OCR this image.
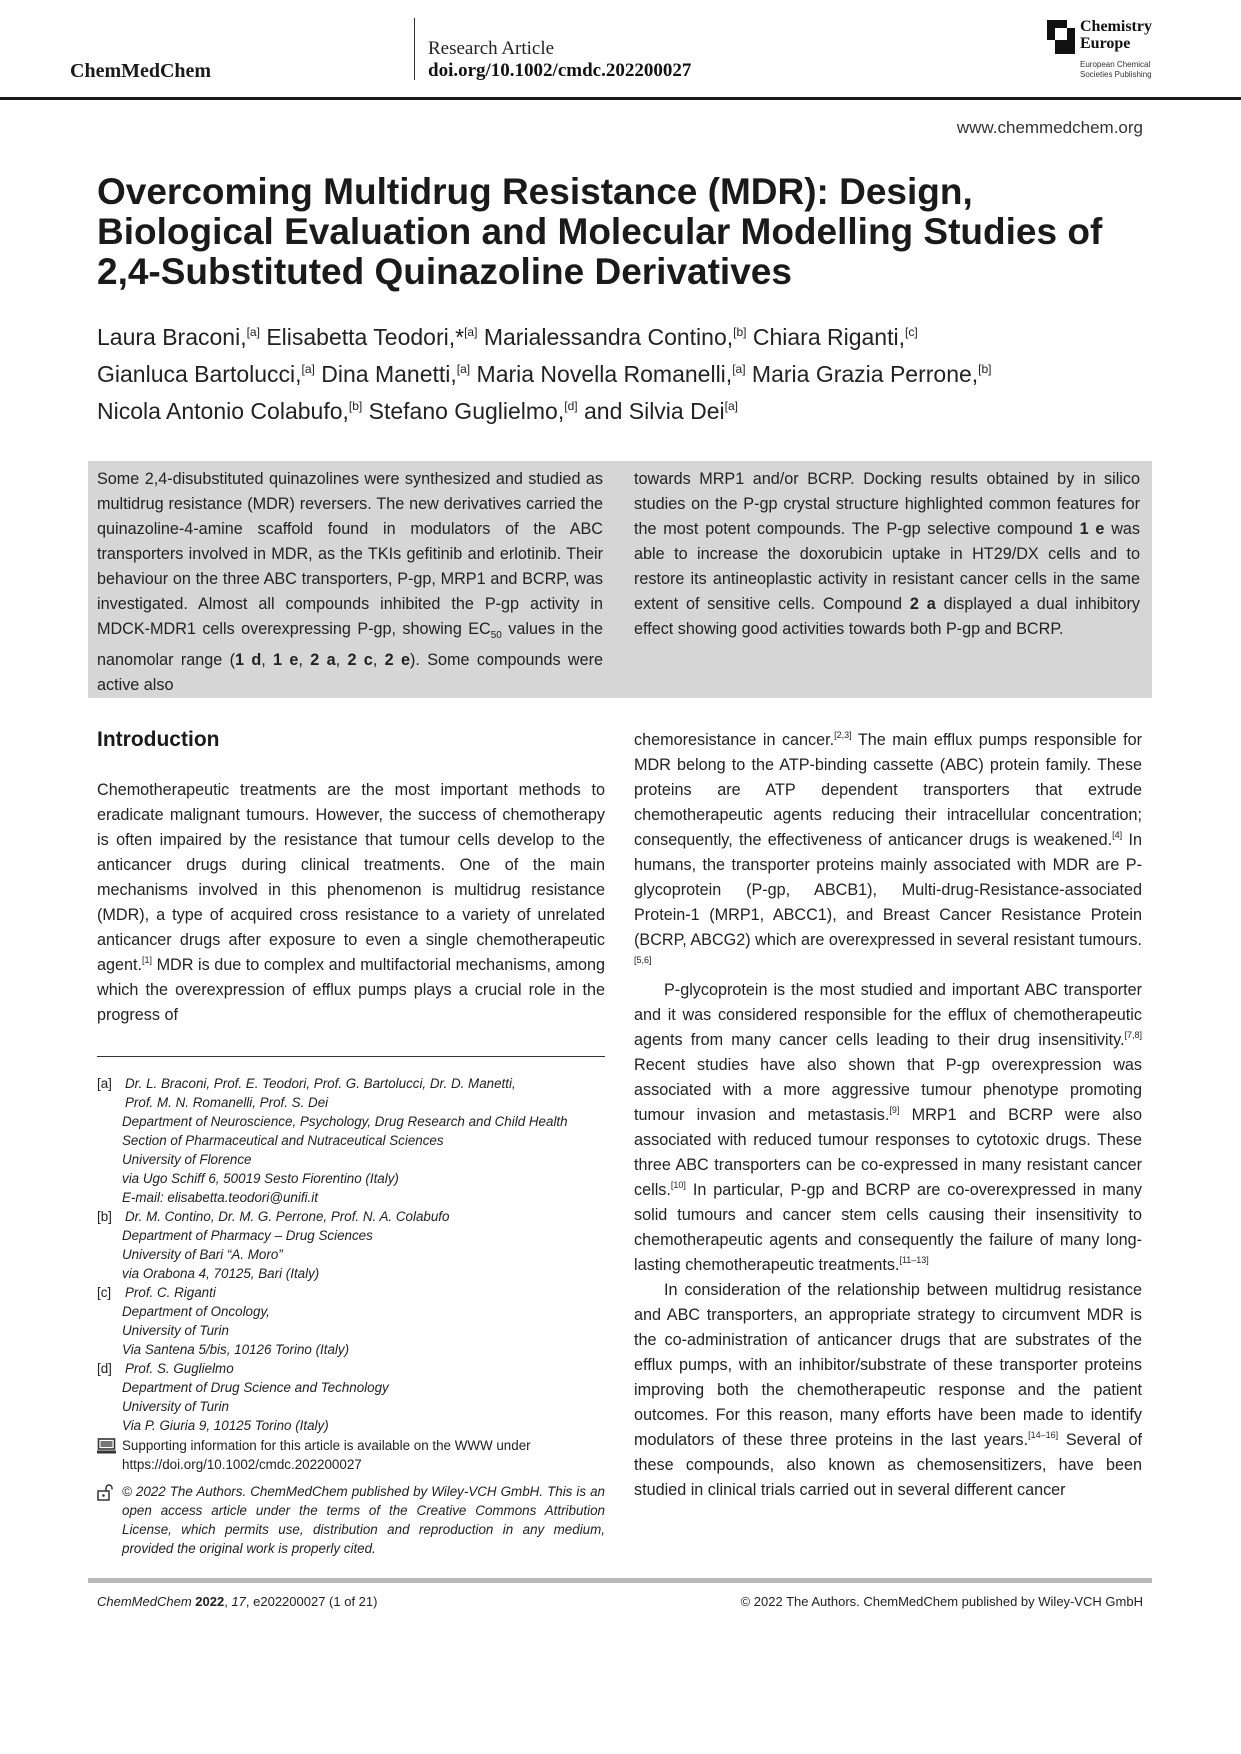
ChemMedChem
Research Article
doi.org/10.1002/cmdc.202200027
Chemistry
Europe
European Chemical
Societies Publishing
www.chemmedchem.org
Overcoming Multidrug Resistance (MDR): Design, Biological Evaluation and Molecular Modelling Studies of 2,4-Substituted Quinazoline Derivatives

Laura Braconi,[a] Elisabetta Teodori,*[a] Marialessandra Contino,[b] Chiara Riganti,[c]
Gianluca Bartolucci,[a] Dina Manetti,[a] Maria Novella Romanelli,[a] Maria Grazia Perrone,[b]
Nicola Antonio Colabufo,[b] Stefano Guglielmo,[d] and Silvia Dei[a]

Some 2,4-disubstituted quinazolines were synthesized and studied as multidrug resistance (MDR) reversers. The new derivatives carried the quinazoline-4-amine scaffold found in modulators of the ABC transporters involved in MDR, as the TKIs gefitinib and erlotinib. Their behaviour on the three ABC transporters, P-gp, MRP1 and BCRP, was investigated. Almost all compounds inhibited the P-gp activity in MDCK-MDR1 cells overexpressing P-gp, showing $EC_{50}$ values in the nanomolar range (1 d, 1 e, 2 a, 2 c, 2 e). Some compounds were active also
towards MRP1 and/or BCRP. Docking results obtained by in silico studies on the P-gp crystal structure highlighted common features for the most potent compounds. The P-gp selective compound 1 e was able to increase the doxorubicin uptake in HT29/DX cells and to restore its antineoplastic activity in resistant cancer cells in the same extent of sensitive cells. Compound 2 a displayed a dual inhibitory effect showing good activities towards both P-gp and BCRP.
Introduction

Chemotherapeutic treatments are the most important methods to eradicate malignant tumours. However, the success of chemotherapy is often impaired by the resistance that tumour cells develop to the anticancer drugs during clinical treatments. One of the main mechanisms involved in this phenomenon is multidrug resistance (MDR), a type of acquired cross resistance to a variety of unrelated anticancer drugs after exposure to even a single chemotherapeutic agent.[1] MDR is due to complex and multifactorial mechanisms, among which the overexpression of efflux pumps plays a crucial role in the progress of

chemoresistance in cancer.[2,3] The main efflux pumps responsible for MDR belong to the ATP-binding cassette (ABC) protein family. These proteins are ATP dependent transporters that extrude chemotherapeutic agents reducing their intracellular concentration; consequently, the effectiveness of anticancer drugs is weakened.[4] In humans, the transporter proteins mainly associated with MDR are P-glycoprotein (P-gp, ABCB1), Multi-drug-Resistance-associated Protein-1 (MRP1, ABCC1), and Breast Cancer Resistance Protein (BCRP, ABCG2) which are overexpressed in several resistant tumours.[5,6]

P-glycoprotein is the most studied and important ABC transporter and it was considered responsible for the efflux of chemotherapeutic agents from many cancer cells leading to their drug insensitivity.[7,8] Recent studies have also shown that P-gp overexpression was associated with a more aggressive tumour phenotype promoting tumour invasion and metastasis.[9] MRP1 and BCRP were also associated with reduced tumour responses to cytotoxic drugs. These three ABC transporters can be co-expressed in many resistant cancer cells.[10] In particular, P-gp and BCRP are co-overexpressed in many solid tumours and cancer stem cells causing their insensitivity to chemotherapeutic agents and consequently the failure of many long-lasting chemotherapeutic treatments.[11–13]

In consideration of the relationship between multidrug resistance and ABC transporters, an appropriate strategy to circumvent MDR is the co-administration of anticancer drugs that are substrates of the efflux pumps, with an inhibitor/substrate of these transporter proteins improving both the chemotherapeutic response and the patient outcomes. For this reason, many efforts have been made to identify modulators of these three proteins in the last years.[14–16] Several of these compounds, also known as chemosensitizers, have been studied in clinical trials carried out in several different cancer

[a] Dr. L. Braconi, Prof. E. Teodori, Prof. G. Bartolucci, Dr. D. Manetti,
Prof. M. N. Romanelli, Prof. S. Dei
Department of Neuroscience, Psychology, Drug Research and Child Health
Section of Pharmaceutical and Nutraceutical Sciences
University of Florence
via Ugo Schiff 6, 50019 Sesto Fiorentino (Italy)
E-mail: elisabetta.teodori@unifi.it
[b] Dr. M. Contino, Dr. M. G. Perrone, Prof. N. A. Colabufo
Department of Pharmacy – Drug Sciences
University of Bari “A. Moro”
via Orabona 4, 70125, Bari (Italy)
[c] Prof. C. Riganti
Department of Oncology,
University of Turin
Via Santena 5/bis, 10126 Torino (Italy)
[d] Prof. S. Guglielmo
Department of Drug Science and Technology
University of Turin
Via P. Giuria 9, 10125 Torino (Italy)
Supporting information for this article is available on the WWW under https://doi.org/10.1002/cmdc.202200027
© 2022 The Authors. ChemMedChem published by Wiley-VCH GmbH. This is an open access article under the terms of the Creative Commons Attribution License, which permits use, distribution and reproduction in any medium, provided the original work is properly cited.
ChemMedChem 2022, 17, e202200027 (1 of 21)	© 2022 The Authors. ChemMedChem published by Wiley-VCH GmbH
